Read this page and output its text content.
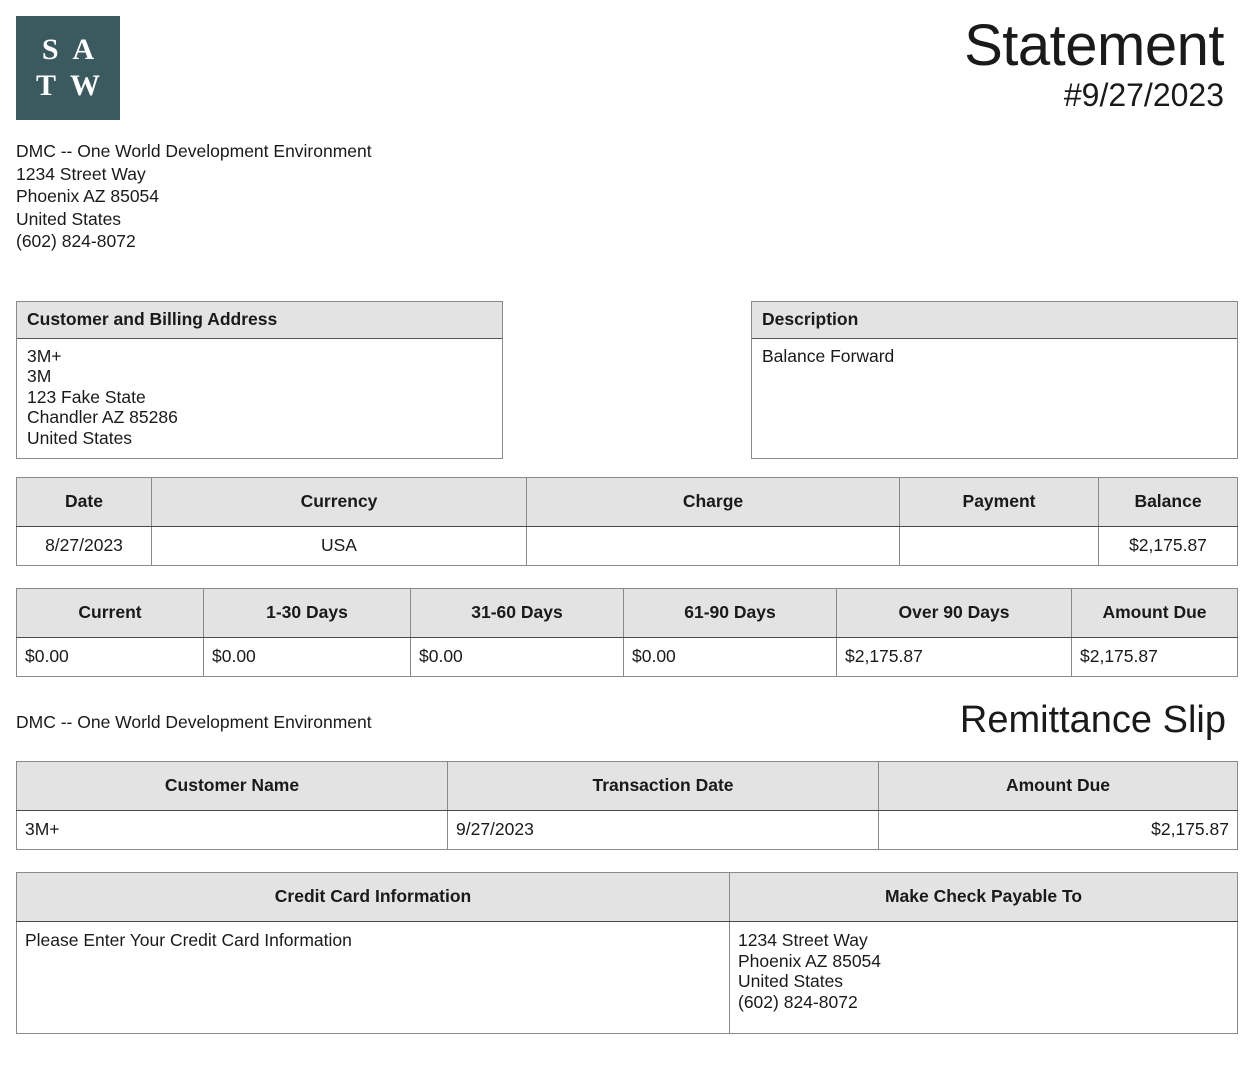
S A
T W
Statement
#9/27/2023
DMC -- One World Development Environment
1234 Street Way
Phoenix AZ 85054
United States
(602) 824-8072
Customer and Billing Address
3M+
3M
123 Fake State
Chandler AZ 85286
United States
Description
Balance Forward
Date	Currency	Charge	Payment	Balance
8/27/2023	USA			$2,175.87
Current	1-30 Days	31-60 Days	61-90 Days	Over 90 Days	Amount Due
$0.00	$0.00	$0.00	$0.00	$2,175.87	$2,175.87
DMC -- One World Development Environment	Remittance Slip
Customer Name	Transaction Date	Amount Due
3M+	9/27/2023	$2,175.87
Credit Card Information	Make Check Payable To
Please Enter Your Credit Card Information	1234 Street Way
Phoenix AZ 85054
United States
(602) 824-8072
